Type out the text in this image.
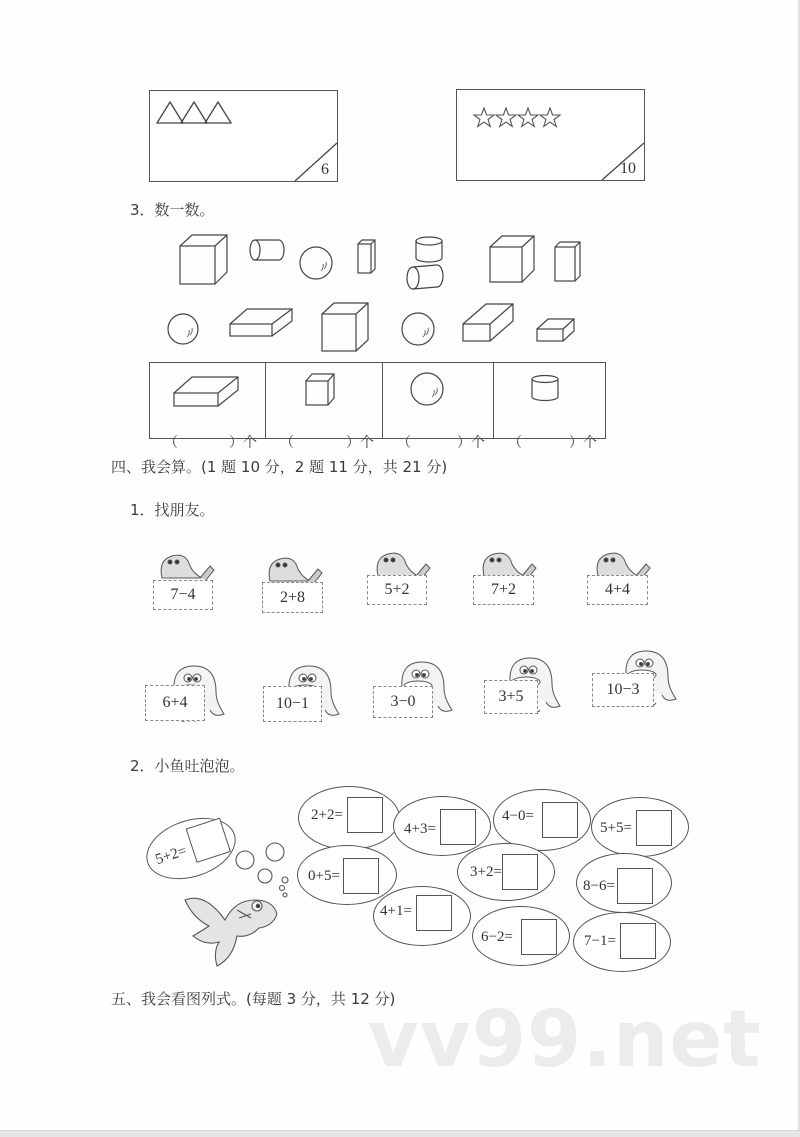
6	10
3．数一数。
（	）个 （	）个 （	）个 （	）个
四、我会算。(1 题 10 分，2 题 11 分，共 21 分)
1．找朋友。
7−4	2+8	5+2	7+2	4+4
6+4	10−1	3−0	3+5	10−3
2．小鱼吐泡泡。
5+2=
2+2=
4+3=
4−0=
5+5=
0+5=	3+2=
8−6=
4+1=
6−2=	7−1=
五、我会看图列式。(每题 3 分，共 12 分)
vv99.net
